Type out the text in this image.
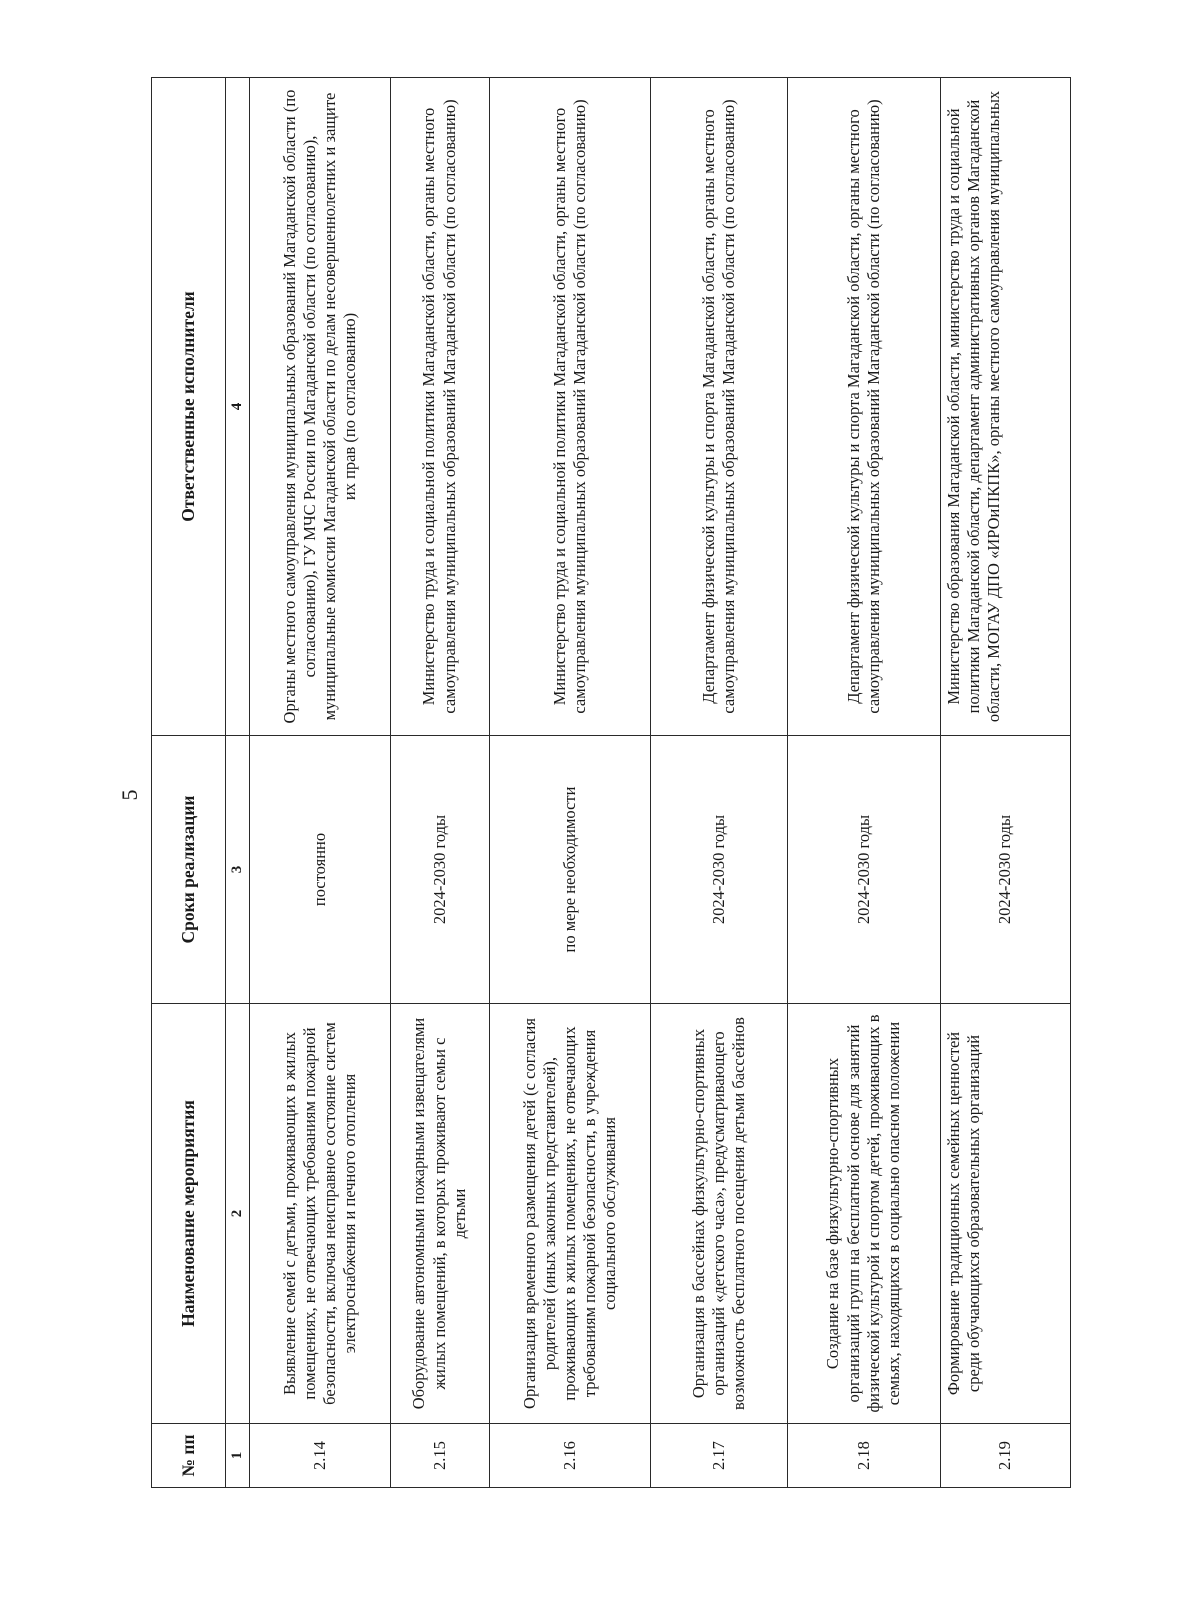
5
№ пп	Наименование мероприятия	Сроки реализации	Ответственные исполнители
1	2	3	4
2.14	Выявление семей с детьми, проживающих в жилых помещениях, не отвечающих требованиям пожарной безопасности, включая неисправное состояние систем электроснабжения и печного отопления	постоянно	Органы местного самоуправления муниципальных образований Магаданской области (по согласованию), ГУ МЧС России по Магаданской области (по согласованию), муниципальные комиссии Магаданской области по делам несовершеннолетних и защите их прав (по согласованию)
2.15	Оборудование автономными пожарными извещателями жилых помещений, в которых проживают семьи с детьми	2024-2030 годы	Министерство труда и социальной политики Магаданской области, органы местного самоуправления муниципальных образований Магаданской области (по согласованию)
2.16	Организация временного размещения детей (с согласия родителей (иных законных представителей), проживающих в жилых помещениях, не отвечающих требованиям пожарной безопасности, в учреждения социального обслуживания	по мере необходимости	Министерство труда и социальной политики Магаданской области, органы местного самоуправления муниципальных образований Магаданской области (по согласованию)
2.17	Организация в бассейнах физкультурно-спортивных организаций «детского часа», предусматривающего возможность бесплатного посещения детьми бассейнов	2024-2030 годы	Департамент физической культуры и спорта Магаданской области, органы местного самоуправления муниципальных образований Магаданской области (по согласованию)
2.18	Создание на базе физкультурно-спортивных организаций групп на бесплатной основе для занятий физической культурой и спортом детей, проживающих в семьях, находящихся в социально опасном положении	2024-2030 годы	Департамент физической культуры и спорта Магаданской области, органы местного самоуправления муниципальных образований Магаданской области (по согласованию)
2.19	Формирование традиционных семейных ценностей среди обучающихся образовательных организаций	2024-2030 годы	Министерство образования Магаданской области, министерство труда и социальной политики Магаданской области, департамент административных органов Магаданской области, МОГАУ ДПО «ИРОиПКПК», органы местного самоуправления муниципальных
